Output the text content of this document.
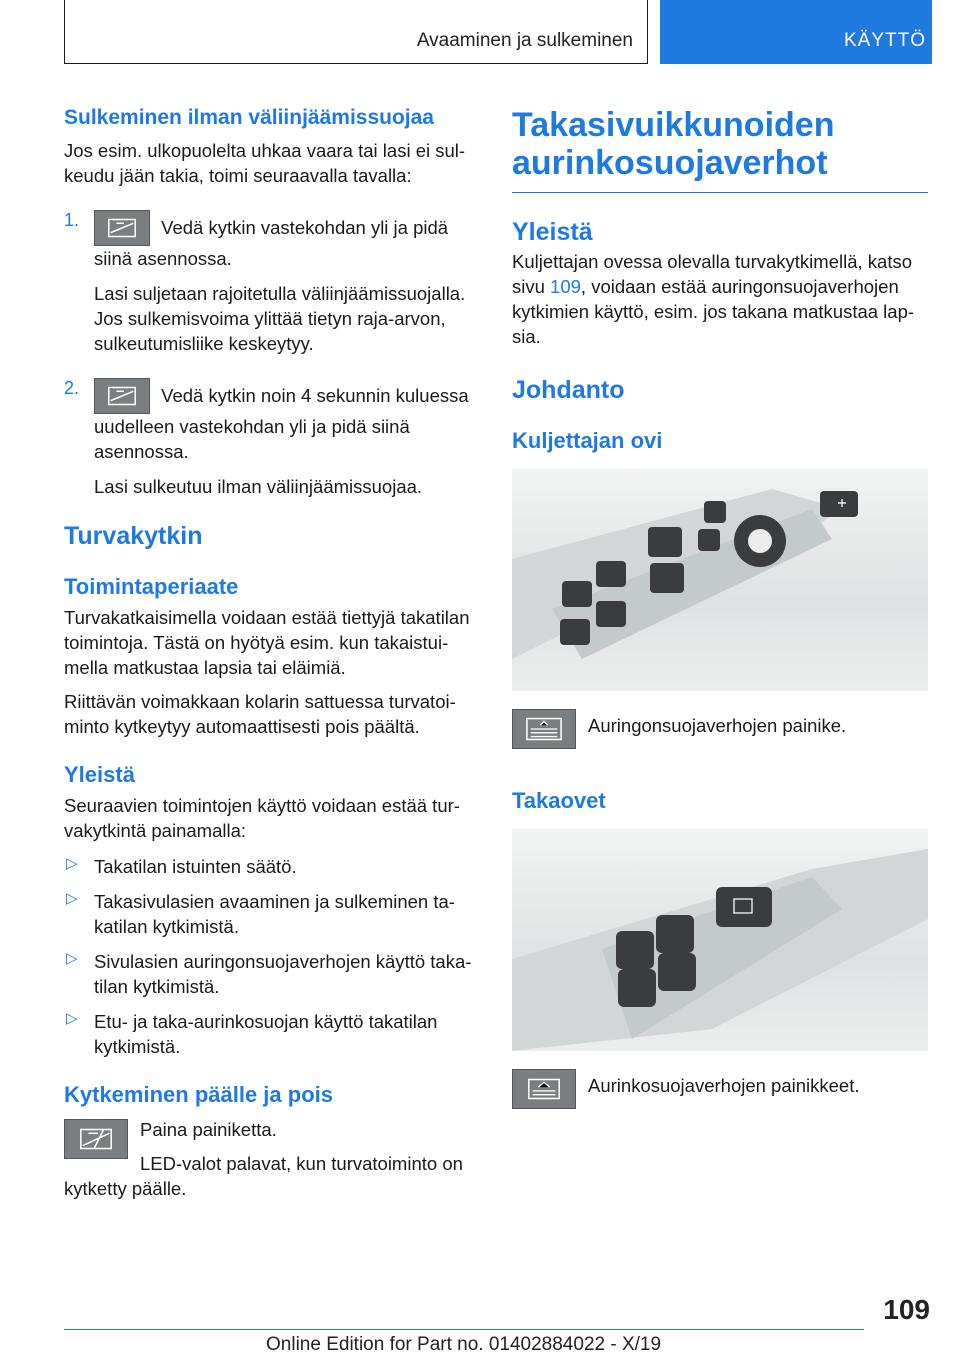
Avaaminen ja sulkeminen	KÄYTTÖ

Sulkeminen ilman väliinjäämissuojaa

Jos esim. ulkopuolelta uhkaa vaara tai lasi ei sulkeudu jään takia, toimi seuraavalla tavalla:

1.	Vedä kytkin vastekohdan yli ja pidä siinä asennossa.

Lasi suljetaan rajoitetulla väliinjäämissuojalla. Jos sulkemisvoima ylittää tietyn raja-arvon, sulkeutumisliike keskeytyy.

2.	Vedä kytkin noin 4 sekunnin kuluessa uudelleen vastekohdan yli ja pidä siinä asennossa.

Lasi sulkeutuu ilman väliinjäämissuojaa.

Turvakytkin

Toimintaperiaate

Turvakatkaisimella voidaan estää tiettyjä takatilan toimintoja. Tästä on hyötyä esim. kun takaistuimella matkustaa lapsia tai eläimiä.

Riittävän voimakkaan kolarin sattuessa turvatoiminto kytkeytyy automaattisesti pois päältä.

Yleistä

Seuraavien toimintojen käyttö voidaan estää turvakytkintä painamalla:

▷ Takatilan istuinten säätö.

▷ Takasivulasien avaaminen ja sulkeminen takatilan kytkimistä.

▷ Sivulasien auringonsuojaverhojen käyttö takatilan kytkimistä.

▷ Etu- ja taka-aurinkosuojan käyttö takatilan kytkimistä.

Kytkeminen päälle ja pois

Paina painiketta.

LED-valot palavat, kun turvatoiminto on kytketty päälle.

Takasivuikkunoiden aurinkosuojaverhot

Yleistä

Kuljettajan ovessa olevalla turvakytkimellä, katso sivu 109, voidaan estää auringonsuojaverhojen kytkimien käyttö, esim. jos takana matkustaa lapsia.

Johdanto

Kuljettajan ovi

Auringonsuojaverhojen painike.

Takaovet

Aurinkosuojaverhojen painikkeet.

109
Online Edition for Part no. 01402884022 - X/19
